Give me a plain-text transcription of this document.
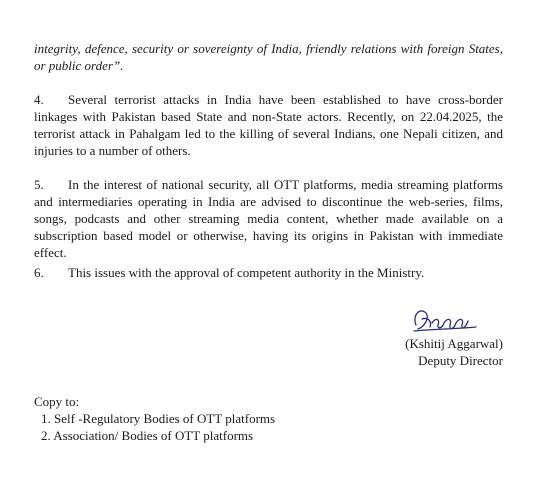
integrity, defence, security or sovereignty of India, friendly relations with foreign States, or public order”.

4. Several terrorist attacks in India have been established to have cross-border linkages with Pakistan based State and non-State actors. Recently, on 22.04.2025, the terrorist attack in Pahalgam led to the killing of several Indians, one Nepali citizen, and injuries to a number of others.

5. In the interest of national security, all OTT platforms, media streaming platforms and intermediaries operating in India are advised to discontinue the web-series, films, songs, podcasts and other streaming media content, whether made available on a subscription based model or otherwise, having its origins in Pakistan with immediate effect.

6. This issues with the approval of competent authority in the Ministry.

(Kshitij Aggarwal)

Deputy Director

Copy to:

1. Self -Regulatory Bodies of OTT platforms
2. Association/ Bodies of OTT platforms
